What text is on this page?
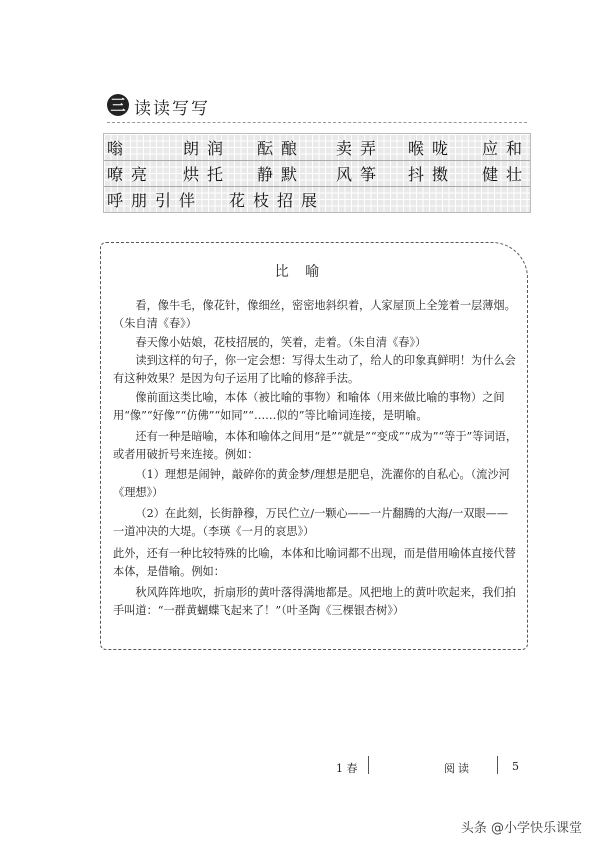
三 读读写写
嗡	朗润 酝酿 卖弄 喉咙 应和
嘹亮 烘托 静默 风筝 抖擞 健壮
呼朋引伴 花枝招展
比 喻
看，像牛毛，像花针，像细丝，密密地斜织着，人家屋顶上全笼着一层薄烟。（朱自清《春》）
春天像小姑娘，花枝招展的，笑着，走着。（朱自清《春》）
读到这样的句子，你一定会想：写得太生动了，给人的印象真鲜明！为什么会有这种效果？是因为句子运用了比喻的修辞手法。
像前面这类比喻，本体（被比喻的事物）和喻体（用来做比喻的事物）之间用“像”“好像”“仿佛”“如同”“……似的”等比喻词连接，是明喻。
还有一种是暗喻，本体和喻体之间用“是”“就是”“变成”“成为”“等于”等词语，或者用破折号来连接。例如：
（1）理想是闹钟，敲碎你的黄金梦/理想是肥皂，洗濯你的自私心。（流沙河《理想》）
（2）在此刻，长街静穆，万民伫立/一颗心——一片翻腾的大海/一双眼——一道冲决的大堤。（李瑛《一月的哀思》）
此外，还有一种比较特殊的比喻，本体和比喻词都不出现，而是借用喻体直接代替本体，是借喻。例如：
秋风阵阵地吹，折扇形的黄叶落得满地都是。风把地上的黄叶吹起来，我们拍手叫道：“一群黄蝴蝶飞起来了！”（叶圣陶《三棵银杏树》）
1 春	阅读	5
头条 @小学快乐课堂
